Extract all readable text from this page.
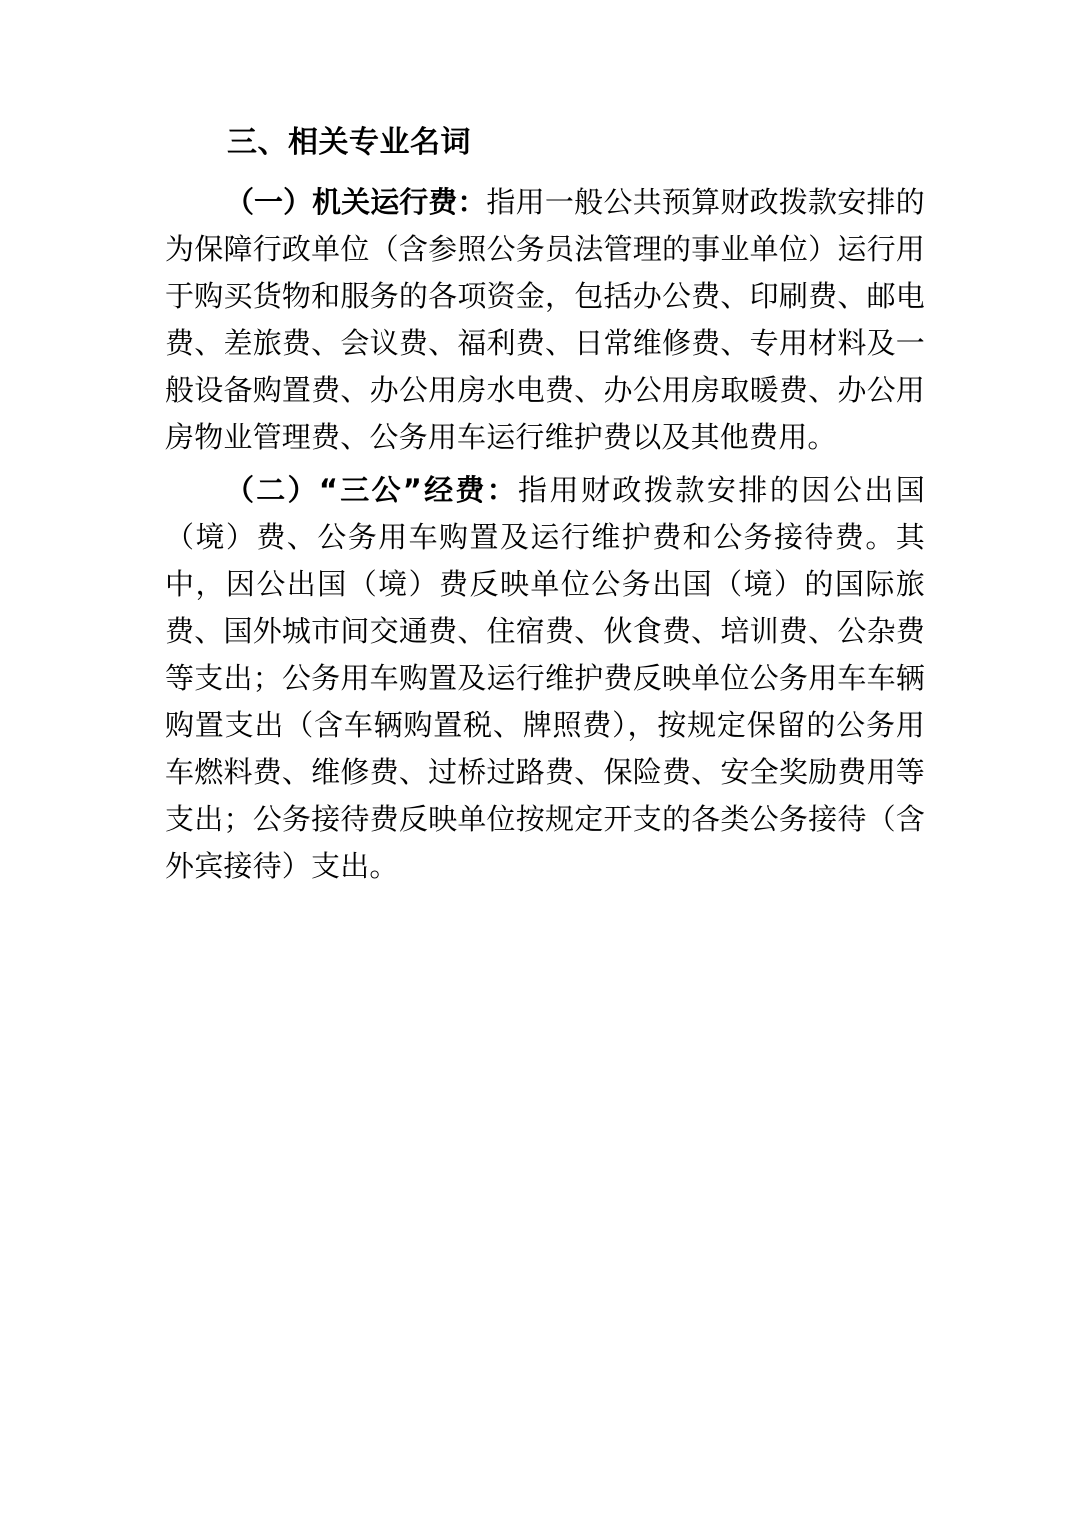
三、相关专业名词

（一）机关运行费：指用一般公共预算财政拨款安排的为保障行政单位（含参照公务员法管理的事业单位）运行用于购买货物和服务的各项资金，包括办公费、印刷费、邮电费、差旅费、会议费、福利费、日常维修费、专用材料及一般设备购置费、办公用房水电费、办公用房取暖费、办公用房物业管理费、公务用车运行维护费以及其他费用。

（二）“三公”经费：指用财政拨款安排的因公出国（境）费、公务用车购置及运行维护费和公务接待费。其中，因公出国（境）费反映单位公务出国（境）的国际旅费、国外城市间交通费、住宿费、伙食费、培训费、公杂费等支出；公务用车购置及运行维护费反映单位公务用车车辆购置支出（含车辆购置税、牌照费），按规定保留的公务用车燃料费、维修费、过桥过路费、保险费、安全奖励费用等支出；公务接待费反映单位按规定开支的各类公务接待（含外宾接待）支出。
